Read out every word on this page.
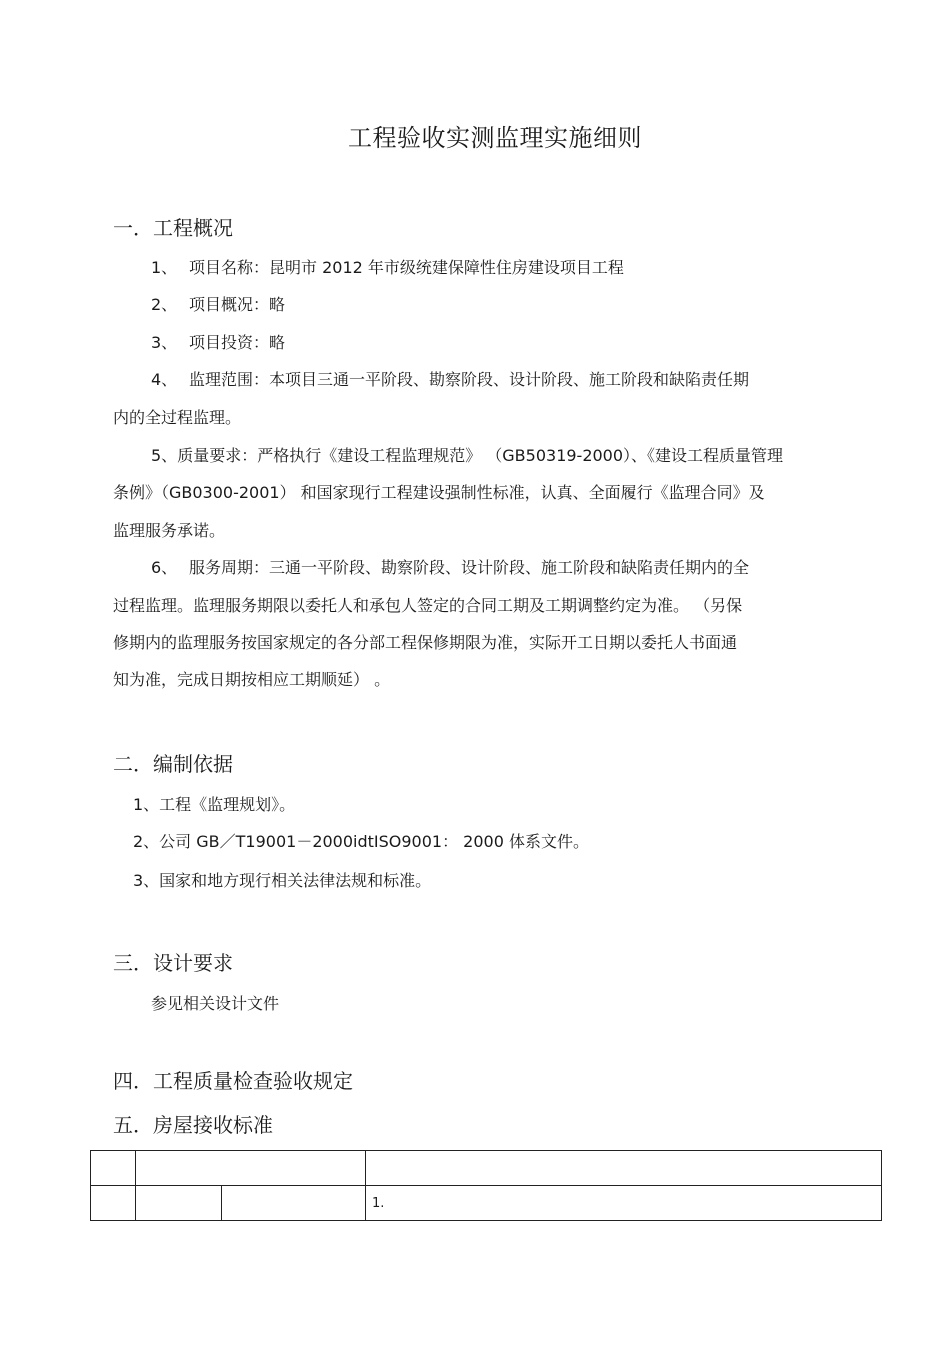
工程验收实测监理实施细则
一．工程概况
1、 项目名称：昆明市 2012 年市级统建保障性住房建设项目工程
2、 项目概况：略
3、 项目投资：略
4、 监理范围：本项目三通一平阶段、勘察阶段、设计阶段、施工阶段和缺陷责任期
内的全过程监理。
5、质量要求：严格执行《建设工程监理规范》 （GB50319-2000）、《建设工程质量管理
条例》（GB0300-2001） 和国家现行工程建设强制性标准，认真、全面履行《监理合同》及
监理服务承诺。
6、 服务周期：三通一平阶段、勘察阶段、设计阶段、施工阶段和缺陷责任期内的全
过程监理。监理服务期限以委托人和承包人签定的合同工期及工期调整约定为准。 （另保
修期内的监理服务按国家规定的各分部工程保修期限为准，实际开工日期以委托人书面通
知为准，完成日期按相应工期顺延） 。
二．编制依据
1、工程《监理规划》。
2、公司 GB／T19001－2000idtISO9001： 2000 体系文件。
3、国家和地方现行相关法律法规和标准。
三．设计要求
参见相关设计文件
四．工程质量检查验收规定
五．房屋接收标准

			1.
